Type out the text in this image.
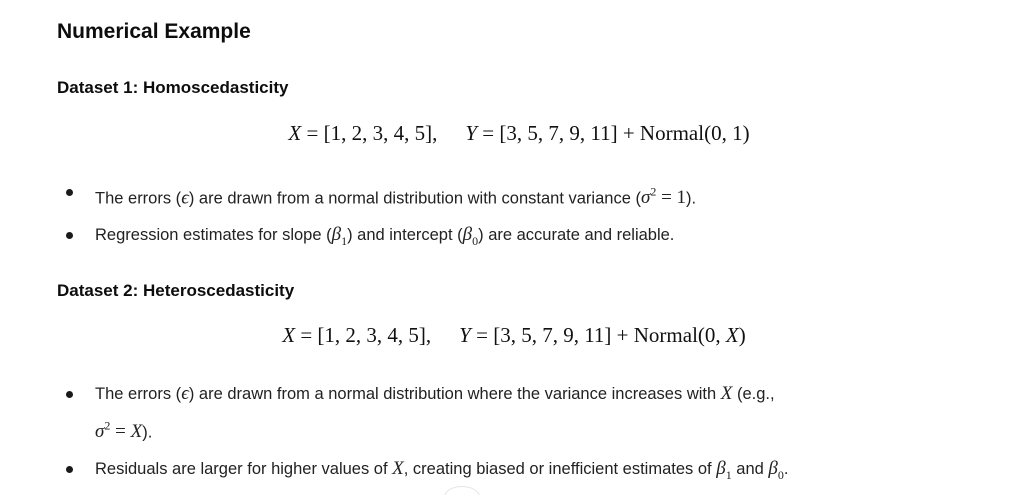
Numerical Example
Dataset 1: Homoscedasticity
X = [1, 2, 3, 4, 5], Y = [3, 5, 7, 9, 11] + Normal(0, 1)
The errors (ϵ) are drawn from a normal distribution with constant variance $(\sigma^2 = 1)$.
Regression estimates for slope $(\beta_1)$ and intercept $(\beta_0)$ are accurate and reliable.
Dataset 2: Heteroscedasticity
X = [1, 2, 3, 4, 5], Y = [3, 5, 7, 9, 11] + Normal(0, X)
The errors (ϵ) are drawn from a normal distribution where the variance increases with X (e.g.,
$\sigma^2 = X$).
Residuals are larger for higher values of X, creating biased or inefficient estimates of $\beta_1$ and $\beta_0$.
